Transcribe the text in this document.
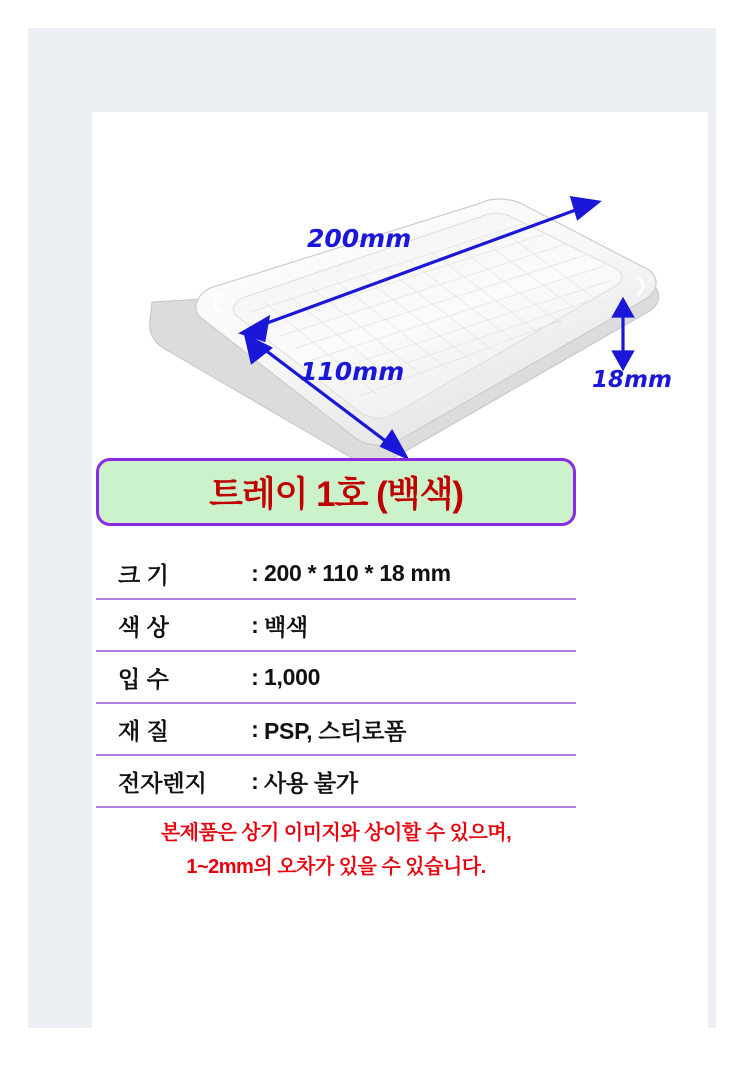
200mm
110mm	18mm
트레이 1호 (백색)
크 기	: 200 * 110 * 18 mm
색 상	: 백색
입 수	: 1,000
재 질	: PSP, 스티로폼
전자렌지	: 사용 불가
본제품은 상기 이미지와 상이할 수 있으며,
1~2mm의 오차가 있을 수 있습니다.
